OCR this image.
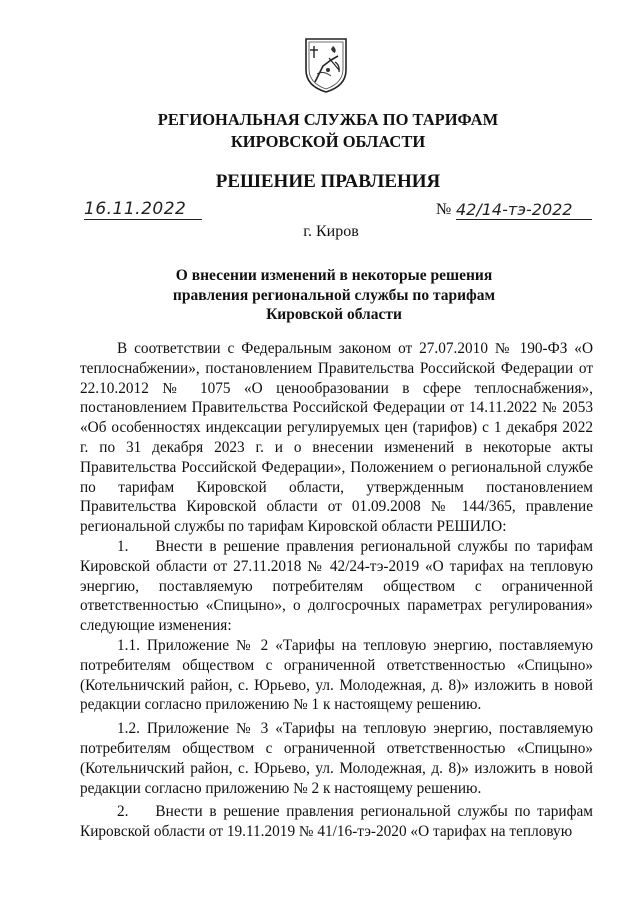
РЕГИОНАЛЬНАЯ СЛУЖБА ПО ТАРИФАМ
КИРОВСКОЙ ОБЛАСТИ
РЕШЕНИЕ ПРАВЛЕНИЯ
16.11.2022	№ 42/14-тэ-2022
г. Киров
О внесении изменений в некоторые решения
правления региональной службы по тарифам
Кировской области

В соответствии с Федеральным законом от 27.07.2010 № 190-ФЗ «О теплоснабжении», постановлением Правительства Российской Федерации от 22.10.2012 № 1075 «О ценообразовании в сфере теплоснабжения», постановлением Правительства Российской Федерации от 14.11.2022 № 2053 «Об особенностях индексации регулируемых цен (тарифов) с 1 декабря 2022 г. по 31 декабря 2023 г. и о внесении изменений в некоторые акты Правительства Российской Федерации», Положением о региональной службе по тарифам Кировской области, утвержденным постановлением Правительства Кировской области от 01.09.2008 № 144/365, правление региональной службы по тарифам Кировской области РЕШИЛО:

1.    Внести в решение правления региональной службы по тарифам Кировской области от 27.11.2018 № 42/24-тэ-2019 «О тарифах на тепловую энергию, поставляемую потребителям обществом с ограниченной ответственностью «Спицыно», о долгосрочных параметрах регулирования» следующие изменения:

1.1. Приложение № 2 «Тарифы на тепловую энергию, поставляемую потребителям обществом с ограниченной ответственностью «Спицыно» (Котельничский район, с. Юрьево, ул. Молодежная, д. 8)» изложить в новой редакции согласно приложению № 1 к настоящему решению.

1.2. Приложение № 3 «Тарифы на тепловую энергию, поставляемую потребителям обществом с ограниченной ответственностью «Спицыно» (Котельничский район, с. Юрьево, ул. Молодежная, д. 8)» изложить в новой редакции согласно приложению № 2 к настоящему решению.

2.    Внести в решение правления региональной службы по тарифам Кировской области от 19.11.2019 № 41/16-тэ-2020 «О тарифах на тепловую
